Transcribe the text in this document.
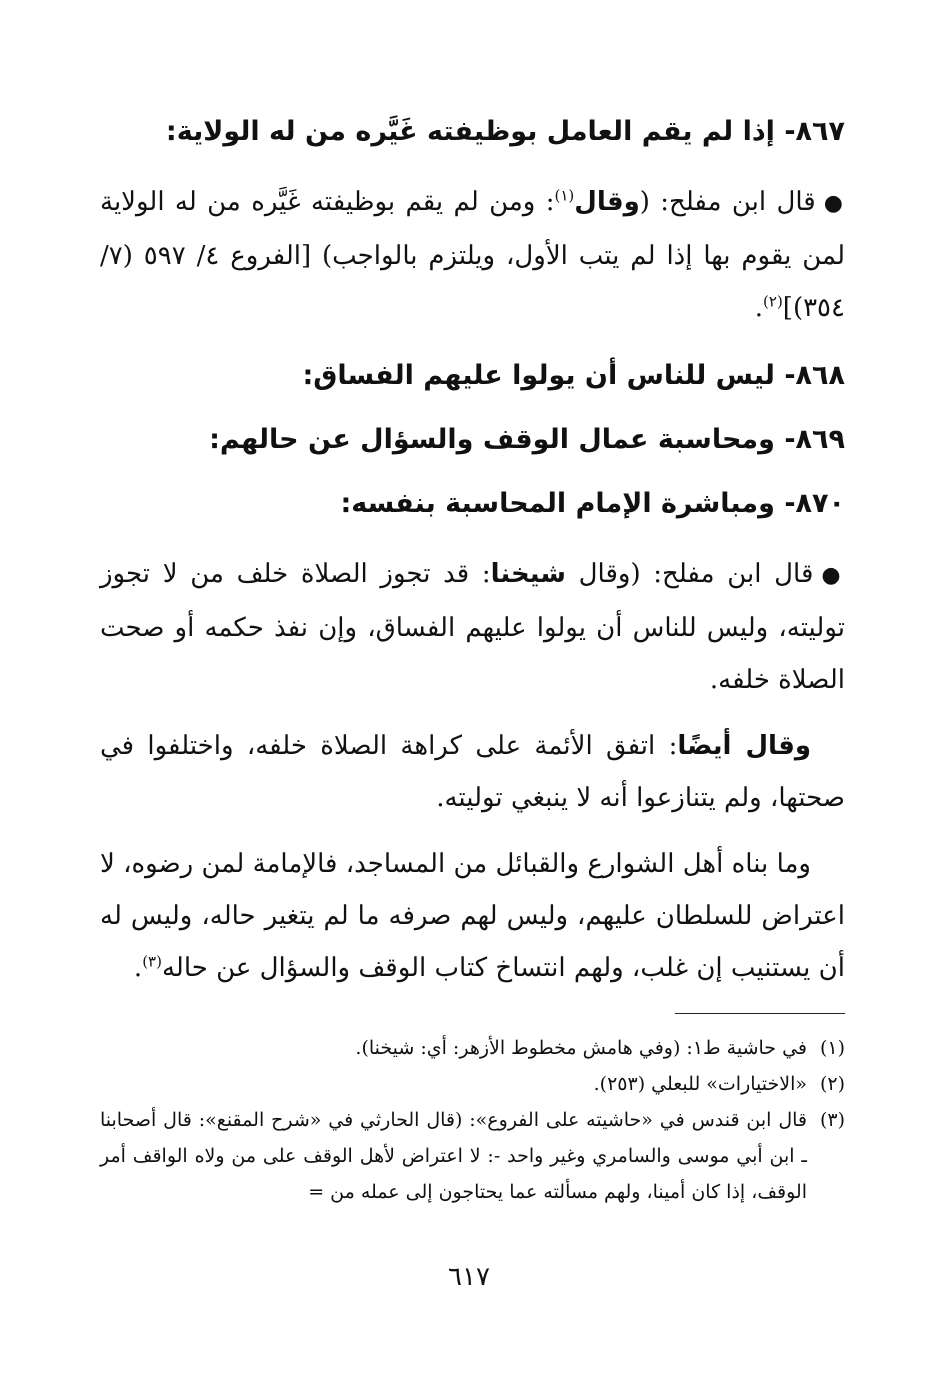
٨٦٧- إذا لم يقم العامل بوظيفته غَيَّره من له الولاية:
●قال ابن مفلح: (وقال$^{(١)}$: ومن لم يقم بوظيفته غَيَّره من له الولاية لمن يقوم بها إذا لم يتب الأول، ويلتزم بالواجب) [الفروع ٤/ ٥٩٧ (٧/ ٣٥٤)]$^{(٢)}$.
٨٦٨- ليس للناس أن يولوا عليهم الفساق:
٨٦٩- ومحاسبة عمال الوقف والسؤال عن حالهم:
٨٧٠- ومباشرة الإمام المحاسبة بنفسه:
●قال ابن مفلح: (وقال شيخنا: قد تجوز الصلاة خلف من لا تجوز توليته، وليس للناس أن يولوا عليهم الفساق، وإن نفذ حكمه أو صحت الصلاة خلفه.
وقال أيضًا: اتفق الأئمة على كراهة الصلاة خلفه، واختلفوا في صحتها، ولم يتنازعوا أنه لا ينبغي توليته.
وما بناه أهل الشوارع والقبائل من المساجد، فالإمامة لمن رضوه، لا اعتراض للسلطان عليهم، وليس لهم صرفه ما لم يتغير حاله، وليس له أن يستنيب إن غلب، ولهم انتساخ كتاب الوقف والسؤال عن حاله$^{(٣)}$.
(١)
في حاشية ط١: (وفي هامش مخطوط الأزهر: أي: شيخنا).
(٢)
«الاختيارات» للبعلي (٢٥٣).
(٣)
قال ابن قندس في «حاشيته على الفروع»: (قال الحارثي في «شرح المقنع»: قال أصحابنا ـ ابن أبي موسى والسامري وغير واحد -: لا اعتراض لأهل الوقف على من ولاه الواقف أمر الوقف، إذا كان أمينا، ولهم مسألته عما يحتاجون إلى عمله من =
٦١٧
